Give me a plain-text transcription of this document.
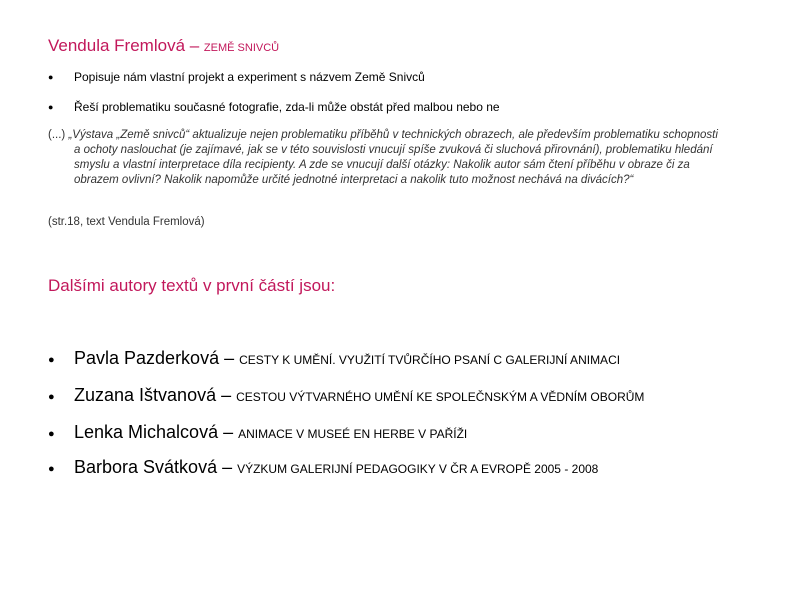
Vendula Fremlová – ZEMĚ SNIVCŮ
● Popisuje nám vlastní projekt a experiment s názvem Země Snivců
● Řeší problematiku současné fotografie, zda-li může obstát před malbou nebo ne

(...) „Výstava „Země snivců“ aktualizuje nejen problematiku příběhů v technických obrazech, ale především problematiku schopnosti a ochoty naslouchat (je zajímavé, jak se v této souvislosti vnucují spíše zvuková či sluchová přirovnání), problematiku hledání smyslu a vlastní interpretace díla recipienty. A zde se vnucují další otázky: Nakolik autor sám čtení příběhu v obraze či za obrazem ovlivní? Nakolik napomůže určité jednotné interpretaci a nakolik tuto možnost nechává na divácích?“

(str.18, text Vendula Fremlová)
Dalšími autory textů v první částí jsou:
● Pavla Pazderková – CESTY K UMĚNÍ. VYUŽITÍ TVŮRČÍHO PSANÍ C GALERIJNÍ ANIMACI
● Zuzana Ištvanová – CESTOU VÝTVARNÉHO UMĚNÍ KE SPOLEČNSKÝM A VĚDNÍM OBORŮM
● Lenka Michalcová – ANIMACE V MUSEÉ EN HERBE V PAŘÍŽI
● Barbora Svátková – VÝZKUM GALERIJNÍ PEDAGOGIKY V ČR A EVROPĚ 2005 - 2008
